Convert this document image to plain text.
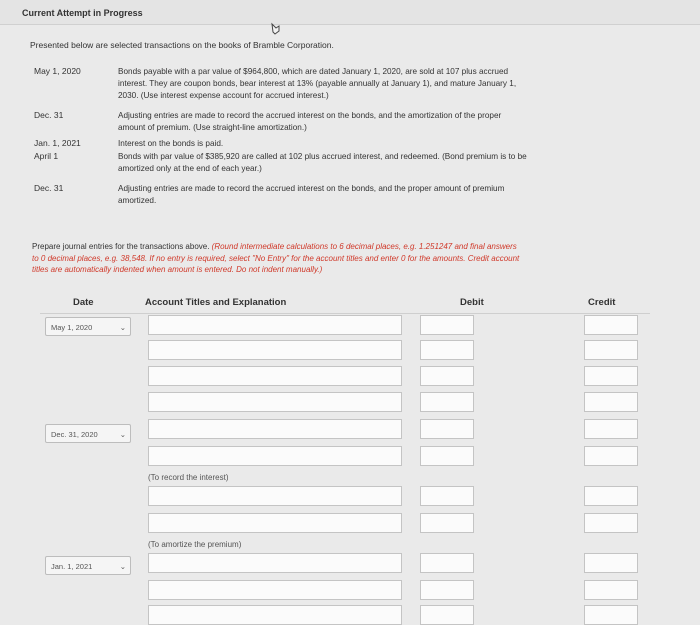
Current Attempt in Progress
Presented below are selected transactions on the books of Bramble Corporation.
May 1, 2020	Bonds payable with a par value of $964,800, which are dated January 1, 2020, are sold at 107 plus accrued
interest. They are coupon bonds, bear interest at 13% (payable annually at January 1), and mature January 1,
2030. (Use interest expense account for accrued interest.)
Dec. 31	Adjusting entries are made to record the accrued interest on the bonds, and the amortization of the proper
amount of premium. (Use straight-line amortization.)
Jan. 1, 2021	Interest on the bonds is paid.
April 1	Bonds with par value of $385,920 are called at 102 plus accrued interest, and redeemed. (Bond premium is to be
amortized only at the end of each year.)
Dec. 31	Adjusting entries are made to record the accrued interest on the bonds, and the proper amount of premium
amortized.
Prepare journal entries for the transactions above. (Round intermediate calculations to 6 decimal places, e.g. 1.251247 and final answers
to 0 decimal places, e.g. 38,548. If no entry is required, select "No Entry" for the account titles and enter 0 for the amounts. Credit account
titles are automatically indented when amount is entered. Do not indent manually.)
Date	Account Titles and Explanation	Debit	Credit
May 1, 2020	⌄
Dec. 31, 2020	⌄
Jan. 1, 2021	⌄
(To record the interest)
(To amortize the premium)
